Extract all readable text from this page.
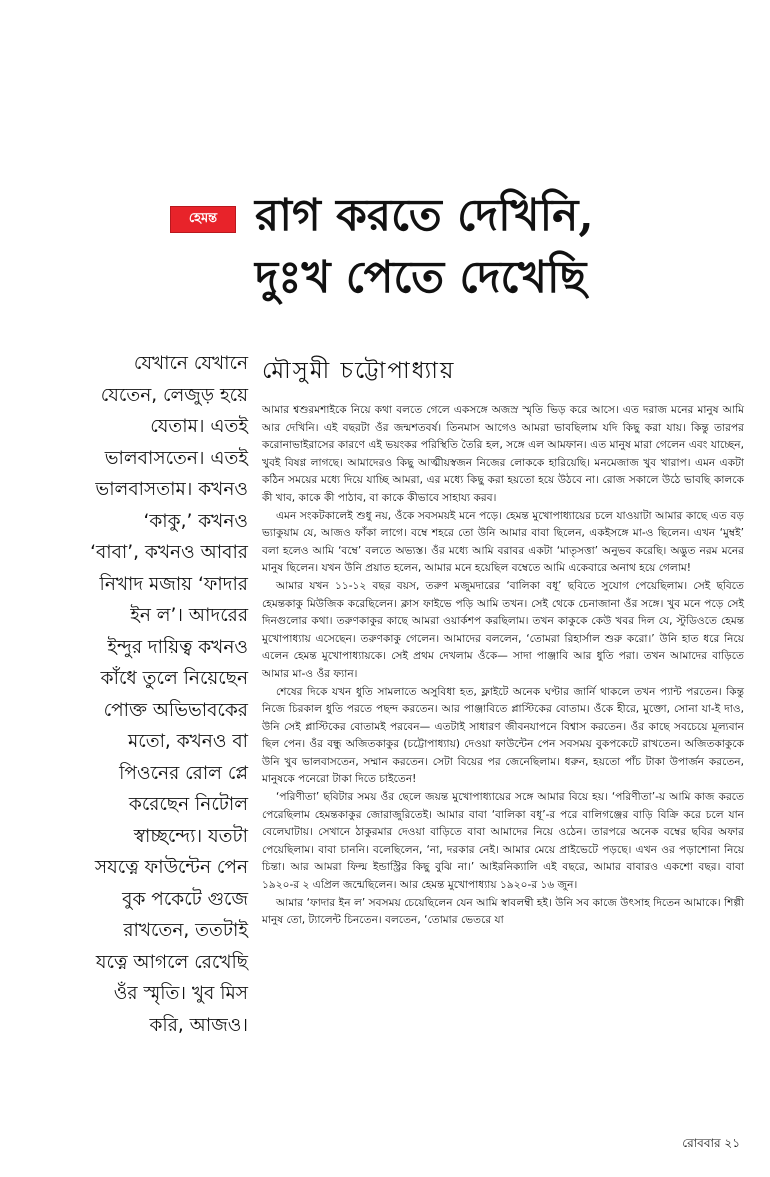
হেমন্ত রাগ করতে দেখিনি,
দুঃখ পেতে দেখেছি
মৌসুমী চট্টোপাধ্যায়
যেখানে যেখানে
যেতেন, লেজুড় হয়ে
যেতাম। এতই
ভালবাসতেন। এতই
ভালবাসতাম। কখনও
‘কাকু,’ কখনও
‘বাবা’, কখনও আবার
নিখাদ মজায় ‘ফাদার
ইন ল’। আদরের
ইন্দুর দায়িত্ব কখনও
কাঁধে তুলে নিয়েছেন
পোক্ত অভিভাবকের
মতো, কখনও বা
পিওনের রোল প্লে
করেছেন নিটোল
স্বাচ্ছন্দ্যে। যতটা
সযত্নে ফাউন্টেন পেন
বুক পকেটে গুজে
রাখতেন, ততটাই
যত্নে আগলে রেখেছি
ওঁর স্মৃতি। খুব মিস
করি, আজও।

আমার শ্বশুরমশাইকে নিয়ে কথা বলতে গেলে একসঙ্গে অজস্র স্মৃতি ভিড় করে আসে। এত দরাজ মনের মানুষ আমি আর দেখিনি। এই বছরটা ওঁর জন্মশতবর্ষ। তিনমাস আগেও আমরা ভাবছিলাম যদি কিছু করা যায়। কিন্তু তারপর করোনাভাইরাসের কারণে এই ভয়ংকর পরিস্থিতি তৈরি হল, সঙ্গে এল আমফান। এত মানুষ মারা গেলেন এবং যাচ্ছেন, খুবই বিষণ্ণ লাগছে। আমাদেরও কিছু আত্মীয়স্বজন নিজের লোককে হারিয়েছি। মনমেজাজ খুব খারাপ। এমন একটা কঠিন সময়ের মধ্যে দিয়ে যাচ্ছি আমরা, এর মধ্যে কিছু করা হয়তো হয়ে উঠবে না। রোজ সকালে উঠে ভাবছি কালকে কী খাব, কাকে কী পাঠাব, বা কাকে কীভাবে সাহায্য করব।

এমন সংকটকালেই শুধু নয়, ওঁকে সবসময়ই মনে পড়ে। হেমন্ত মুখোপাধ্যায়ের চলে যাওয়াটা আমার কাছে এত বড় ভ্যাকুয়াম যে, আজও ফাঁকা লাগে। বম্বে শহরে তো উনি আমার বাবা ছিলেন, একইসঙ্গে মা-ও ছিলেন। এখন ‘মুম্বই’ বলা হলেও আমি ‘বম্বে’ বলতে অভ্যস্ত। ওঁর মধ্যে আমি বরাবর একটা ‘মাতৃসত্তা’ অনুভব করেছি। অদ্ভুত নরম মনের মানুষ ছিলেন। যখন উনি প্রয়াত হলেন, আমার মনে হয়েছিল বম্বেতে আমি একেবারে অনাথ হয়ে গেলাম!

আমার যখন ১১-১২ বছর বয়স, তরুণ মজুমদারের ‘বালিকা বধূ’ ছবিতে সুযোগ পেয়েছিলাম। সেই ছবিতে হেমন্তকাকু মিউজিক করেছিলেন। ক্লাস ফাইভে পড়ি আমি তখন। সেই থেকে চেনাজানা ওঁর সঙ্গে। খুব মনে পড়ে সেই দিনগুলোর কথা। তরুণকাকুর কাছে আমরা ওয়ার্কশপ করছিলাম। তখন কাকুকে কেউ খবর দিল যে, স্টুডিওতে হেমন্ত মুখোপাধ্যায় এসেছেন। তরুণকাকু গেলেন। আমাদের বললেন, ‘তোমরা রিহার্সাল শুরু করো।’ উনি হাত ধরে নিয়ে এলেন হেমন্ত মুখোপাধ্যায়কে। সেই প্রথম দেখলাম ওঁকে— সাদা পাঞ্জাবি আর ধুতি পরা। তখন আমাদের বাড়িতে আমার মা-ও ওঁর ফ্যান।

শেষের দিকে যখন ধুতি সামলাতে অসুবিধা হত, ফ্লাইটে অনেক ঘণ্টার জার্নি থাকলে তখন প্যান্ট পরতেন। কিন্তু নিজে চিরকাল ধুতি পরতে পছন্দ করতেন। আর পাঞ্জাবিতে প্লাস্টিকের বোতাম। ওঁকে হীরে, মুক্তো, সোনা যা-ই দাও, উনি সেই প্লাস্টিকের বোতামই পরবেন— এতটাই সাধারণ জীবনযাপনে বিশ্বাস করতেন। ওঁর কাছে সবচেয়ে মূল্যবান ছিল পেন। ওঁর বন্ধু অজিতকাকুর (চট্টোপাধ্যায়) দেওয়া ফাউন্টেন পেন সবসময় বুকপকেটে রাখতেন। অজিতকাকুকে উনি খুব ভালবাসতেন, সম্মান করতেন। সেটা বিয়ের পর জেনেছিলাম। ধরুন, হয়তো পাঁচ টাকা উপার্জন করতেন, মানুষকে পনেরো টাকা দিতে চাইতেন!

‘পরিণীতা’ ছবিটার সময় ওঁর ছেলে জয়ন্ত মুখোপাধ্যায়ের সঙ্গে আমার বিয়ে হয়। ‘পরিণীতা’-য় আমি কাজ করতে পেরেছিলাম হেমন্তকাকুর জোরাজুরিতেই। আমার বাবা ‘বালিকা বধূ’-র পরে বালিগঞ্জের বাড়ি বিক্রি করে চলে যান বেলেঘাটায়। সেখানে ঠাকুরমার দেওয়া বাড়িতে বাবা আমাদের নিয়ে ওঠেন। তারপরে অনেক বম্বের ছবির অফার পেয়েছিলাম। বাবা চাননি। বলেছিলেন, ‘না, দরকার নেই। আমার মেয়ে প্রাইভেটে পড়ছে। এখন ওর পড়াশোনা নিয়ে চিন্তা। আর আমরা ফিল্ম ইন্ডাস্ট্রির কিছু বুঝি না।’ আইরনিক্যালি এই বছরে, আমার বাবারও একশো বছর। বাবা ১৯২০-র ২ এপ্রিল জন্মেছিলেন। আর হেমন্ত মুখোপাধ্যায় ১৯২০-র ১৬ জুন।

আমার ‘ফাদার ইন ল’ সবসময় চেয়েছিলেন যেন আমি স্বাবলম্বী হই। উনি সব কাজে উৎসাহ দিতেন আমাকে। শিল্পী মানুষ তো, ট্যালেন্ট চিনতেন। বলতেন, ‘তোমার ভেতরে যা

রোববার ২১
